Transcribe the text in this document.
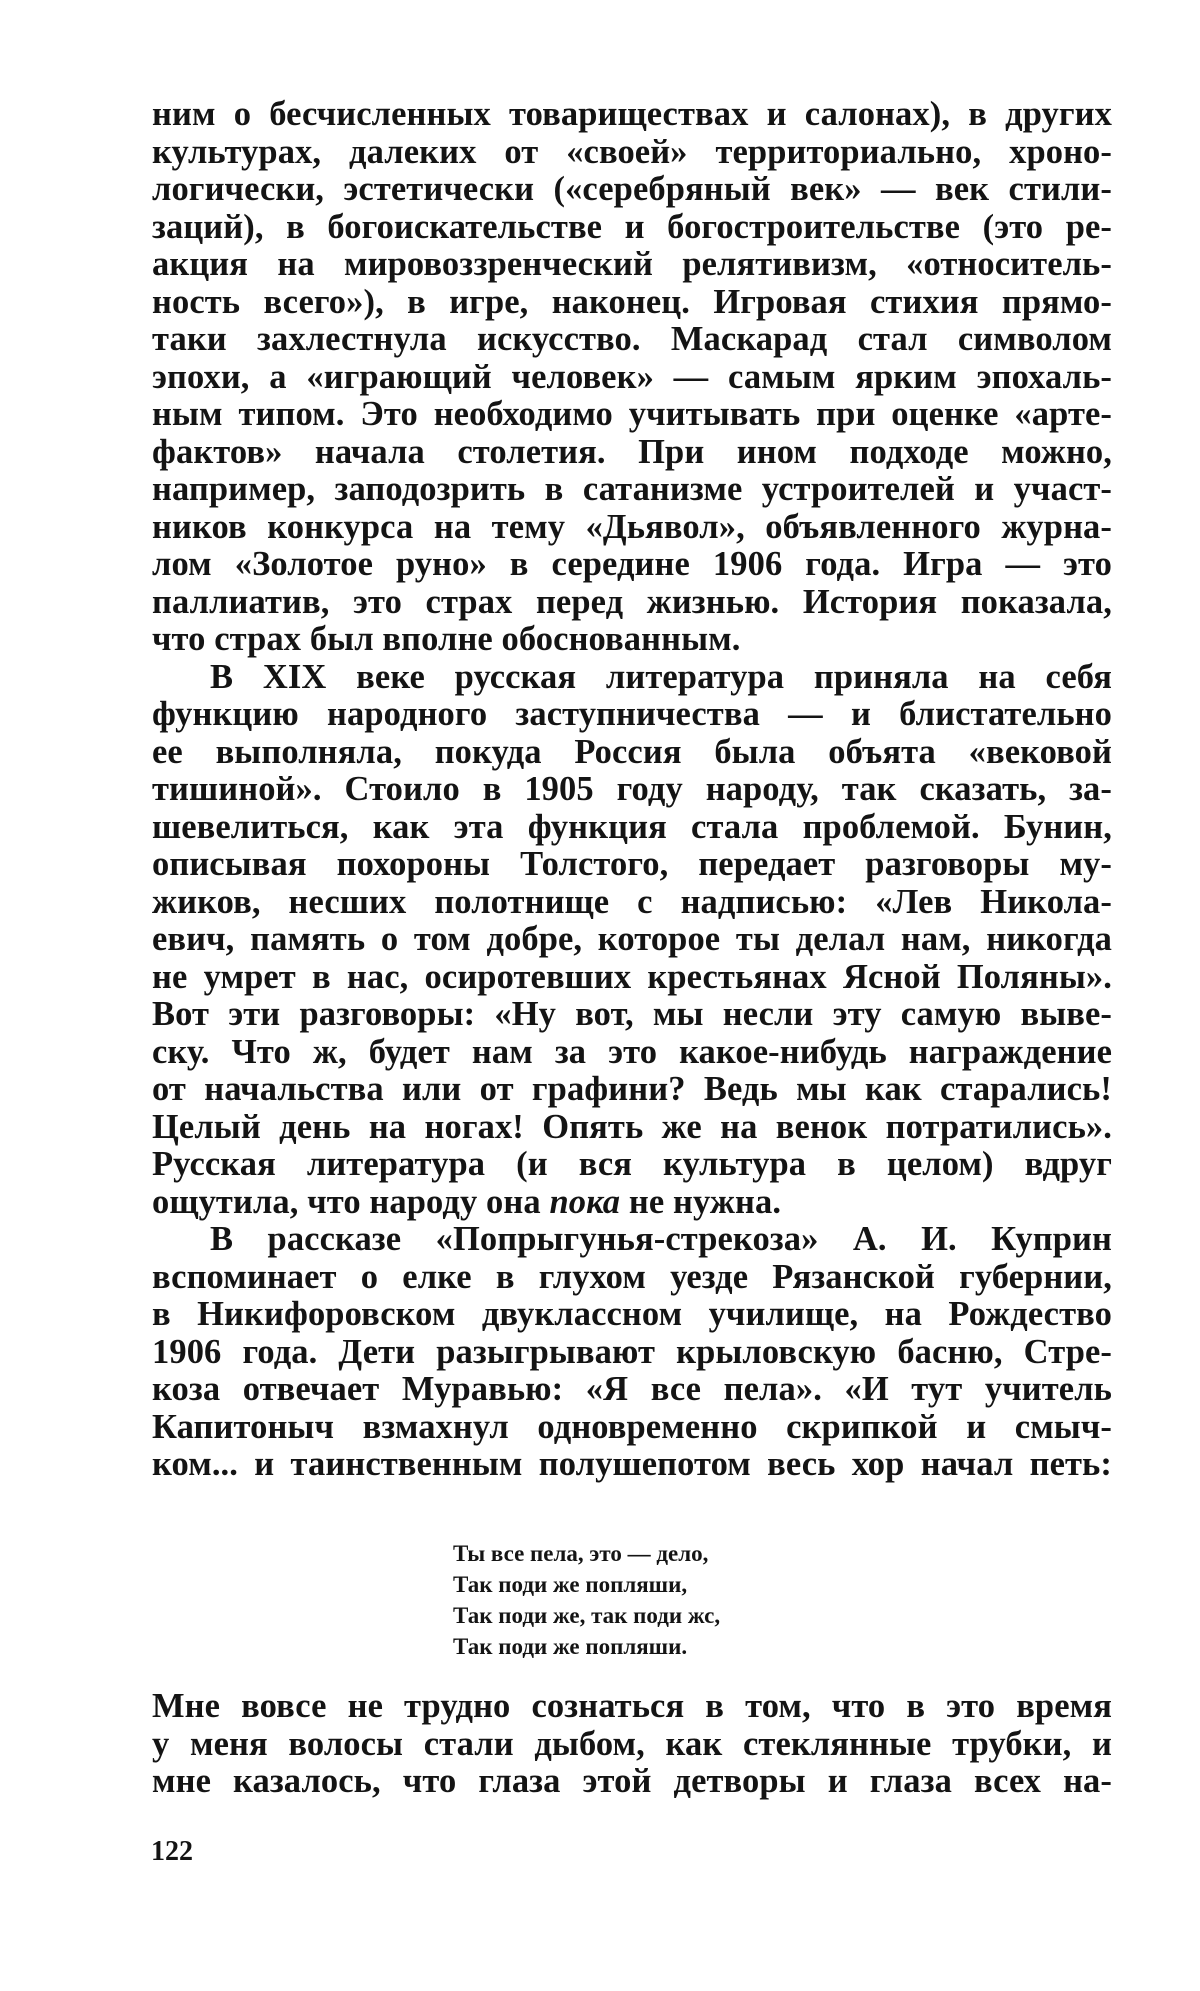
ним о бесчисленных товариществах и салонах), в других
культурах, далеких от «своей» территориально, хроно-
логически, эстетически («серебряный век» — век стили-
заций), в богоискательстве и богостроительстве (это ре-
акция на мировоззренческий релятивизм, «относитель-
ность всего»), в игре, наконец. Игровая стихия прямо-
таки захлестнула искусство. Маскарад стал символом
эпохи, а «играющий человек» — самым ярким эпохаль-
ным типом. Это необходимо учитывать при оценке «арте-
фактов» начала столетия. При ином подходе можно,
например, заподозрить в сатанизме устроителей и участ-
ников конкурса на тему «Дьявол», объявленного журна-
лом «Золотое руно» в середине 1906 года. Игра — это
паллиатив, это страх перед жизнью. История показала,
что страх был вполне обоснованным.
В XIX веке русская литература приняла на себя
функцию народного заступничества — и блистательно
ее выполняла, покуда Россия была объята «вековой
тишиной». Стоило в 1905 году народу, так сказать, за-
шевелиться, как эта функция стала проблемой. Бунин,
описывая похороны Толстого, передает разговоры му-
жиков, несших полотнище с надписью: «Лев Никола-
евич, память о том добре, которое ты делал нам, никогда
не умрет в нас, осиротевших крестьянах Ясной Поляны».
Вот эти разговоры: «Ну вот, мы несли эту самую выве-
ску. Что ж, будет нам за это какое-нибудь награждение
от начальства или от графини? Ведь мы как старались!
Целый день на ногах! Опять же на венок потратились».
Русская литература (и вся культура в целом) вдруг
ощутила, что народу она пока не нужна.
В рассказе «Попрыгунья-стрекоза» А. И. Куприн
вспоминает о елке в глухом уезде Рязанской губернии,
в Никифоровском двуклассном училище, на Рождество
1906 года. Дети разыгрывают крыловскую басню, Стре-
коза отвечает Муравью: «Я все пела». «И тут учитель
Капитоныч взмахнул одновременно скрипкой и смыч-
ком... и таинственным полушепотом весь хор начал петь:
Ты все пела, это — дело,
Так поди же попляши,
Так поди же, так поди жс,
Так поди же попляши.
Мне вовсе не трудно сознаться в том, что в это время
у меня волосы стали дыбом, как стеклянные трубки, и
мне казалось, что глаза этой детворы и глаза всех на-
122
